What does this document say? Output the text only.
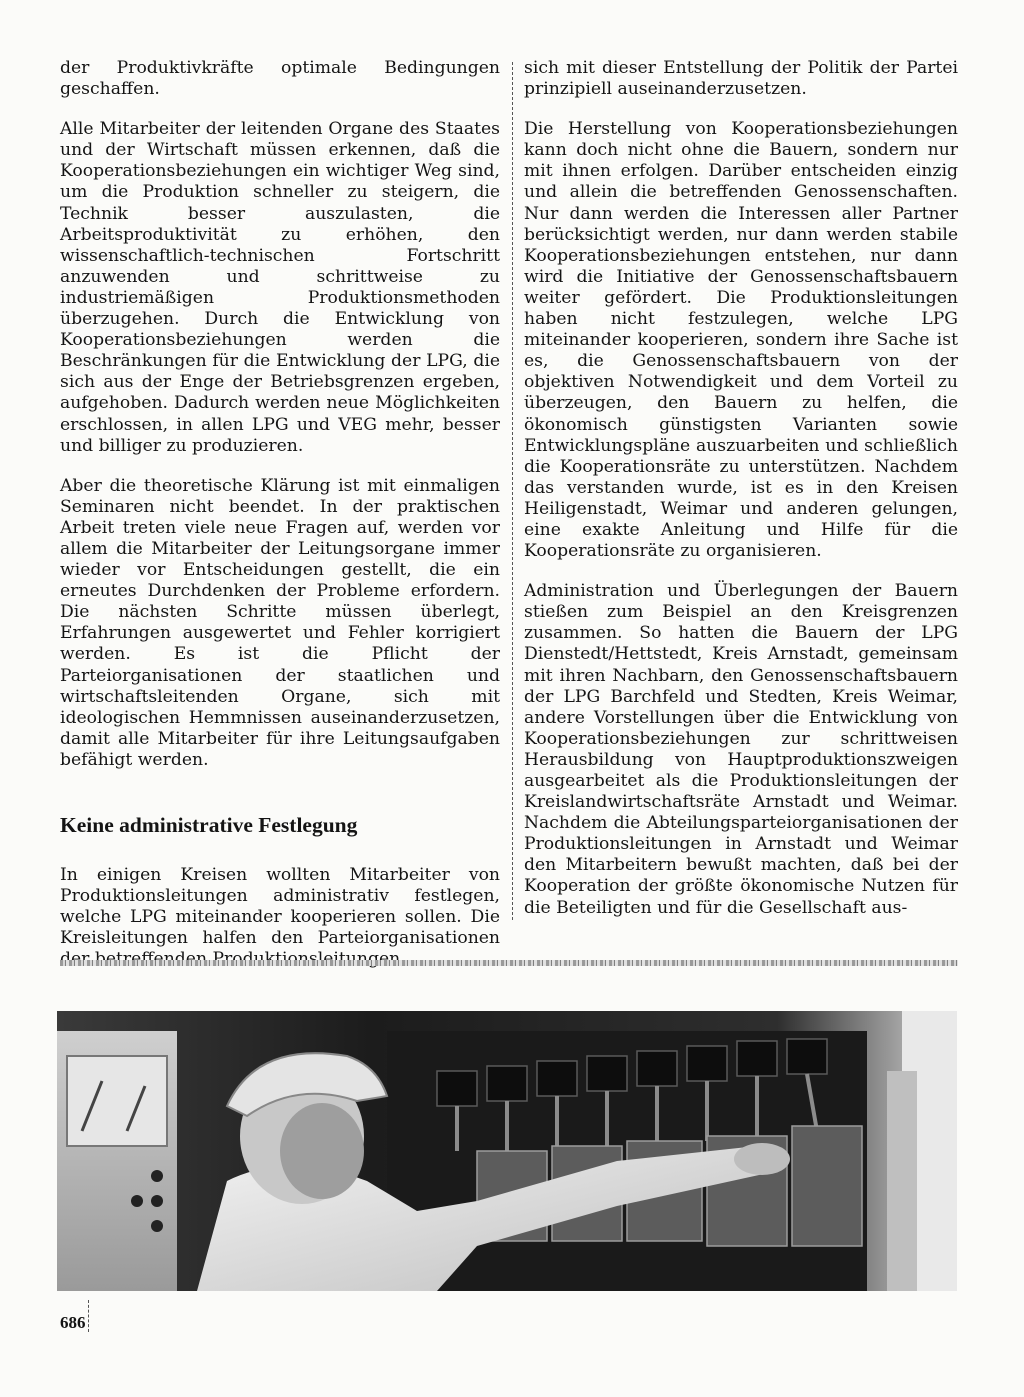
der Produktivkräfte optimale Bedingungen geschaffen.

Alle Mitarbeiter der leitenden Organe des Staates und der Wirtschaft müssen erkennen, daß die Kooperationsbeziehungen ein wichtiger Weg sind, um die Produktion schneller zu steigern, die Technik besser auszulasten, die Arbeitsproduktivität zu erhöhen, den wissenschaftlich-technischen Fortschritt anzuwenden und schrittweise zu industriemäßigen Produktionsmethoden überzugehen. Durch die Entwicklung von Kooperationsbeziehungen werden die Beschränkungen für die Entwicklung der LPG, die sich aus der Enge der Betriebsgrenzen ergeben, aufgehoben. Dadurch werden neue Möglichkeiten erschlossen, in allen LPG und VEG mehr, besser und billiger zu produzieren.

Aber die theoretische Klärung ist mit einmaligen Seminaren nicht beendet. In der praktischen Arbeit treten viele neue Fragen auf, werden vor allem die Mitarbeiter der Leitungsorgane immer wieder vor Entscheidungen gestellt, die ein erneutes Durchdenken der Probleme erfordern. Die nächsten Schritte müssen überlegt, Erfahrungen ausgewertet und Fehler korrigiert werden. Es ist die Pflicht der Parteiorganisationen der staatlichen und wirtschaftsleitenden Organe, sich mit ideologischen Hemmnissen auseinanderzusetzen, damit alle Mitarbeiter für ihre Leitungsaufgaben befähigt werden.

Keine administrative Festlegung

In einigen Kreisen wollten Mitarbeiter von Produktionsleitungen administrativ festlegen, welche LPG miteinander kooperieren sollen. Die Kreisleitungen halfen den Parteiorganisationen

sich mit dieser Entstellung der Politik der Partei prinzipiell auseinanderzusetzen.

Die Herstellung von Kooperationsbeziehungen kann doch nicht ohne die Bauern, sondern nur mit ihnen erfolgen. Darüber entscheiden einzig und allein die betreffenden Genossenschaften. Nur dann werden die Interessen aller Partner berücksichtigt werden, nur dann werden stabile Kooperationsbeziehungen entstehen, nur dann wird die Initiative der Genossenschaftsbauern weiter gefördert. Die Produktionsleitungen haben nicht festzulegen, welche LPG miteinander kooperieren, sondern ihre Sache ist es, die Genossenschaftsbauern von der objektiven Notwendigkeit und dem Vorteil zu überzeugen, den Bauern zu helfen, die ökonomisch günstigsten Varianten sowie Entwicklungspläne auszuarbeiten und schließlich die Kooperationsräte zu unterstützen. Nachdem das verstanden wurde, ist es in den Kreisen Heiligenstadt, Weimar und anderen gelungen, eine exakte Anleitung und Hilfe für die Kooperationsräte zu organisieren.

Administration und Überlegungen der Bauern stießen zum Beispiel an den Kreisgrenzen zusammen. So hatten die Bauern der LPG Dienstedt/Hettstedt, Kreis Arnstadt, gemeinsam mit ihren Nachbarn, den Genossenschaftsbauern der LPG Barchfeld und Stedten, Kreis Weimar, andere Vorstellungen über die Entwicklung von Kooperationsbeziehungen zur schrittweisen Herausbildung von Hauptproduktionszweigen ausgearbeitet als die Produktionsleitungen der Kreislandwirtschaftsräte Arnstadt und Weimar. Nachdem die Abteilungsparteiorganisationen der Produktionsleitungen in Arnstadt und Weimar den Mitarbeitern bewußt machten, daß bei der Kooperation der größte ökonomische Nutzen für die Beteiligten und für die Gesellschaft aus-

686
